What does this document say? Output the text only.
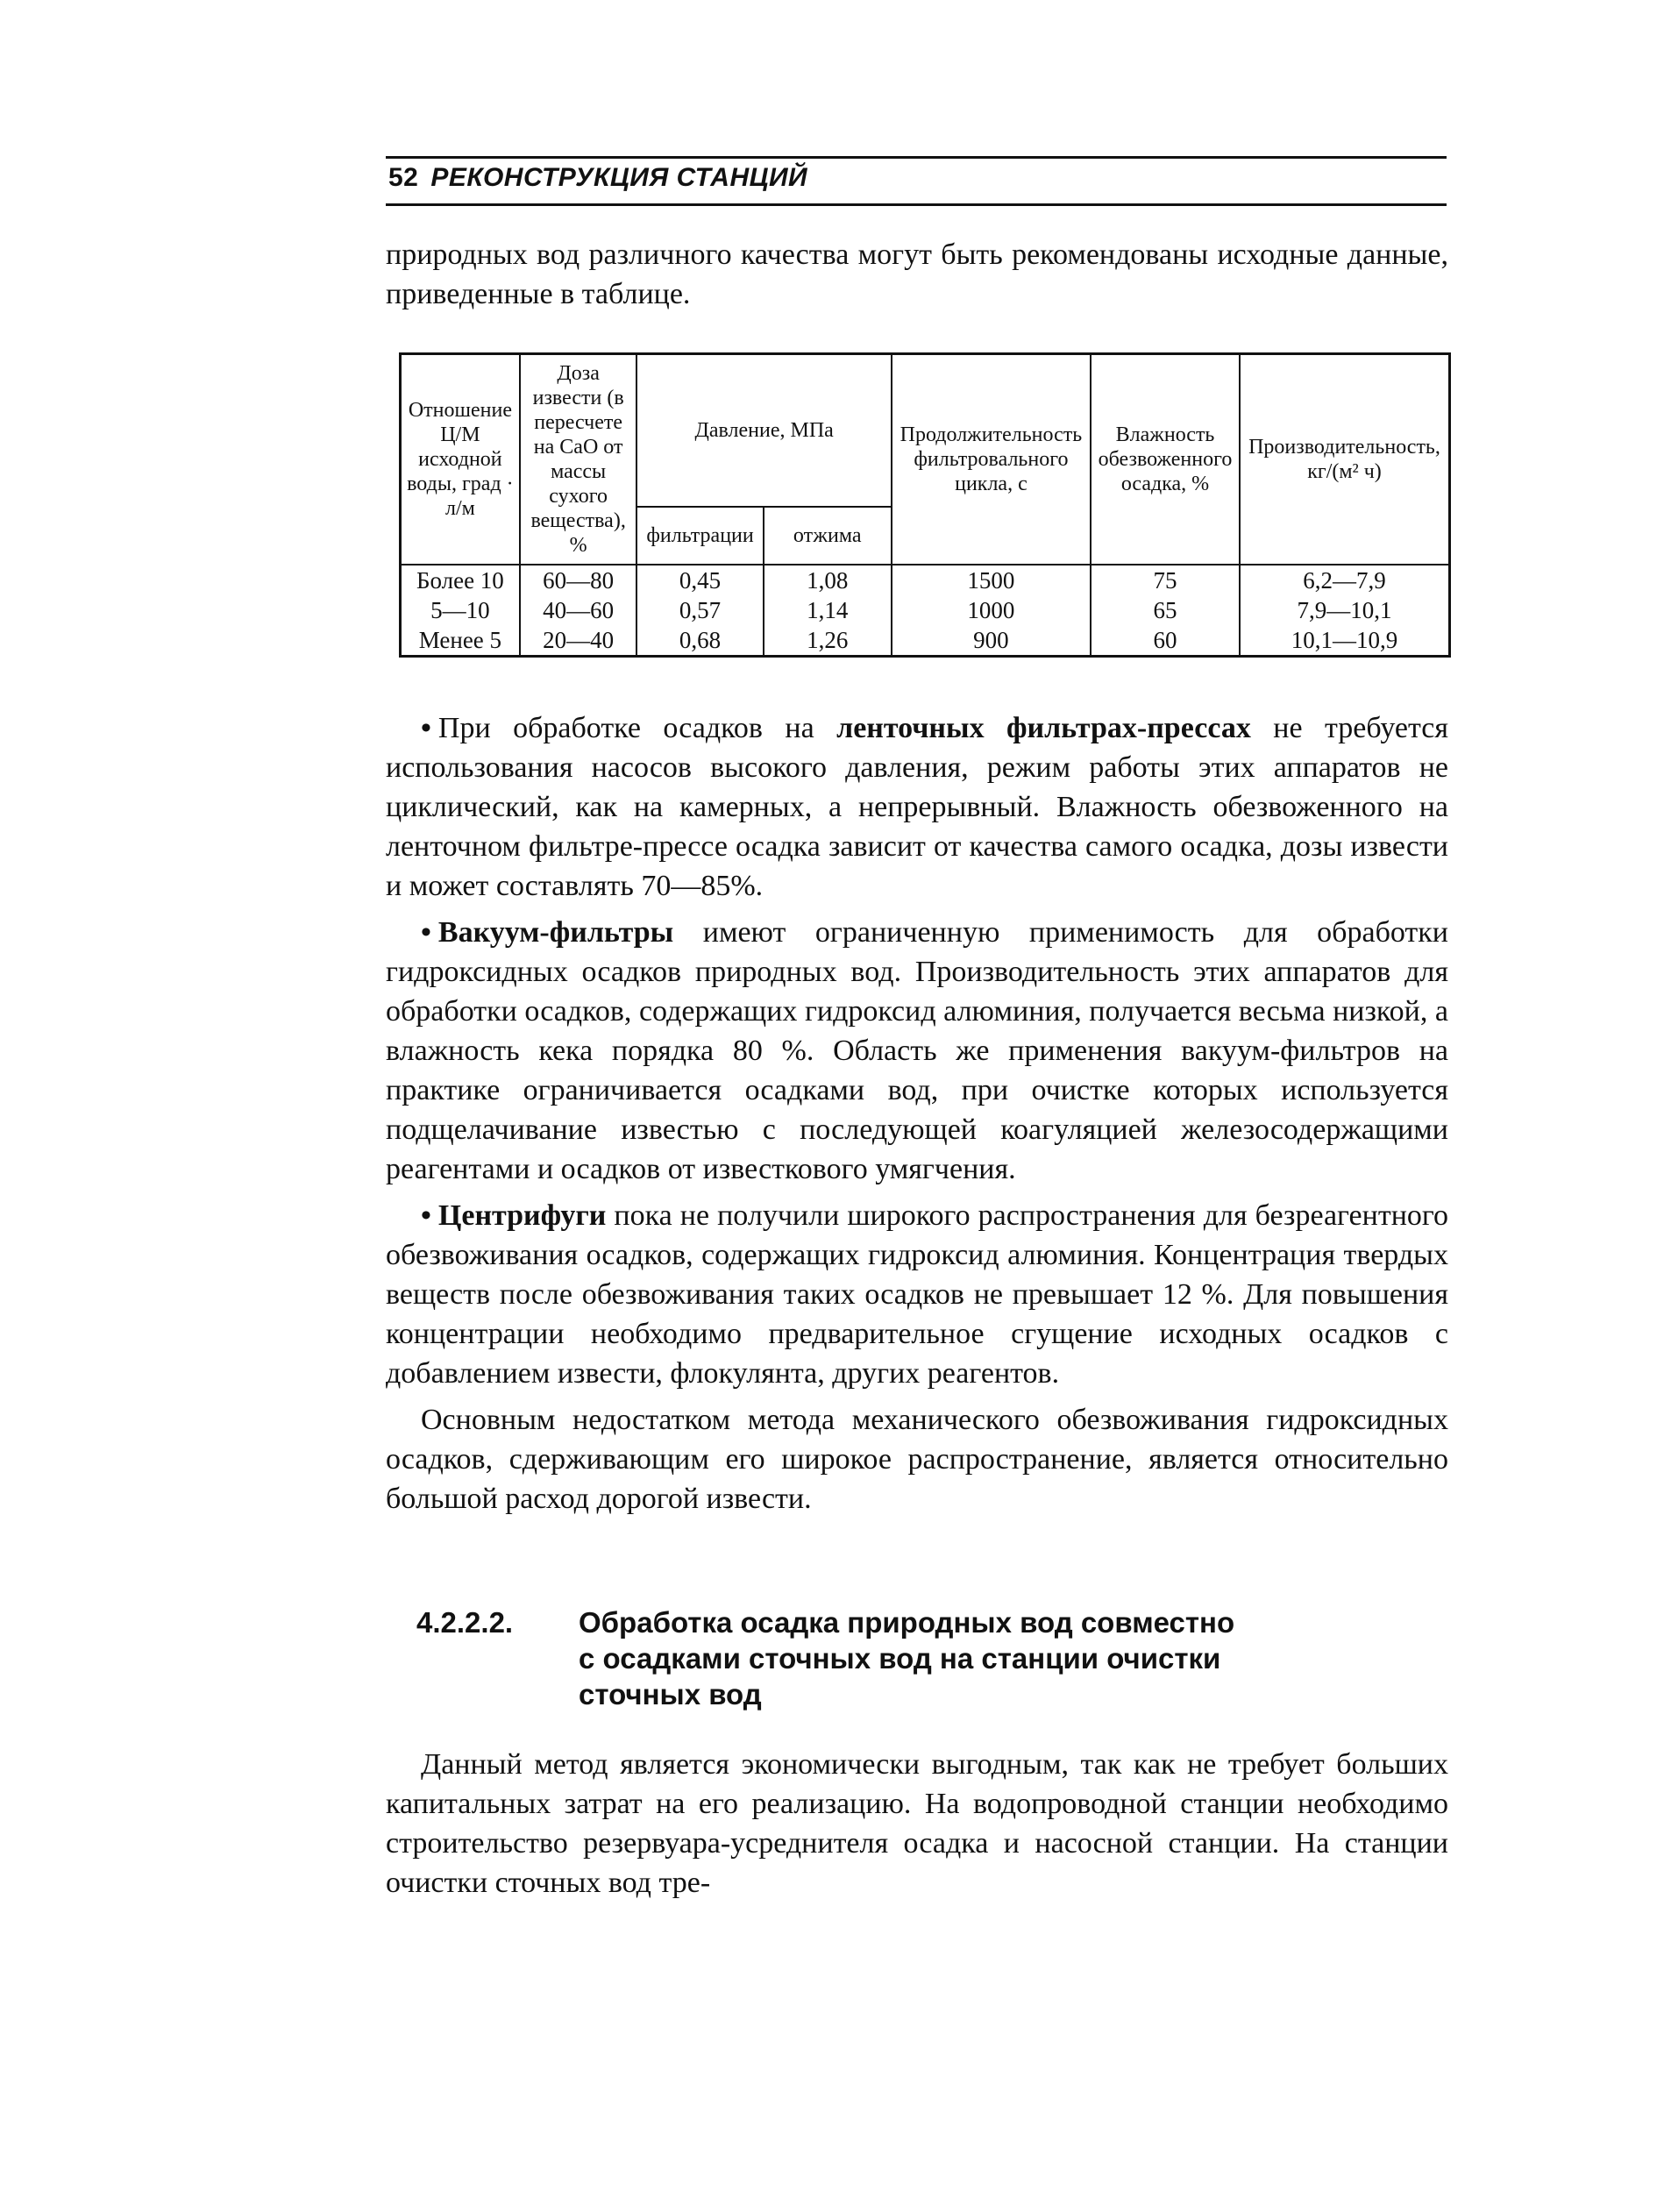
52 РЕКОНСТРУКЦИЯ СТАНЦИЙ

природных вод различного качества могут быть рекомендованы исходные данные, приведенные в таблице.

Отношение Ц/М исходной воды, град · л/м	Доза извести (в пересчете на CaO от массы сухого вещества), %	Давление, МПа		Продолжительность фильтровального цикла, с	Влажность обезвоженного осадка, %	Производительность, кг/(м² ч)
		фильтрации	отжима			
Более 10	60—80	0,45	1,08	1500	75	6,2—7,9
5—10	40—60	0,57	1,14	1000	65	7,9—10,1
Менее 5	20—40	0,68	1,26	900	60	10,1—10,9

• При обработке осадков на ленточных фильтрах-прессах не требуется использования насосов высокого давления, режим работы этих аппаратов не циклический, как на камерных, а непрерывный. Влажность обезвоженного на ленточном фильтре-прессе осадка зависит от качества самого осадка, дозы извести и может составлять 70—85%.

• Вакуум-фильтры имеют ограниченную применимость для обработки гидроксидных осадков природных вод. Производительность этих аппаратов для обработки осадков, содержащих гидроксид алюминия, получается весьма низкой, а влажность кека порядка 80 %. Область же применения вакуум-фильтров на практике ограничивается осадками вод, при очистке которых используется подщелачивание известью с последующей коагуляцией железосодержащими реагентами и осадков от известкового умягчения.

• Центрифуги пока не получили широкого распространения для безреагентного обезвоживания осадков, содержащих гидроксид алюминия. Концентрация твердых веществ после обезвоживания таких осадков не превышает 12 %. Для повышения концентрации необходимо предварительное сгущение исходных осадков с добавлением извести, флокулянта, других реагентов.

Основным недостатком метода механического обезвоживания гидроксидных осадков, сдерживающим его широкое распространение, является относительно большой расход дорогой извести.

4.2.2.2. Обработка осадка природных вод совместно
с осадками сточных вод на станции очистки
сточных вод

Данный метод является экономически выгодным, так как не требует больших капитальных затрат на его реализацию. На водопроводной станции необходимо строительство резервуара-усреднителя осадка и насосной станции. На станции очистки сточных вод тре-
